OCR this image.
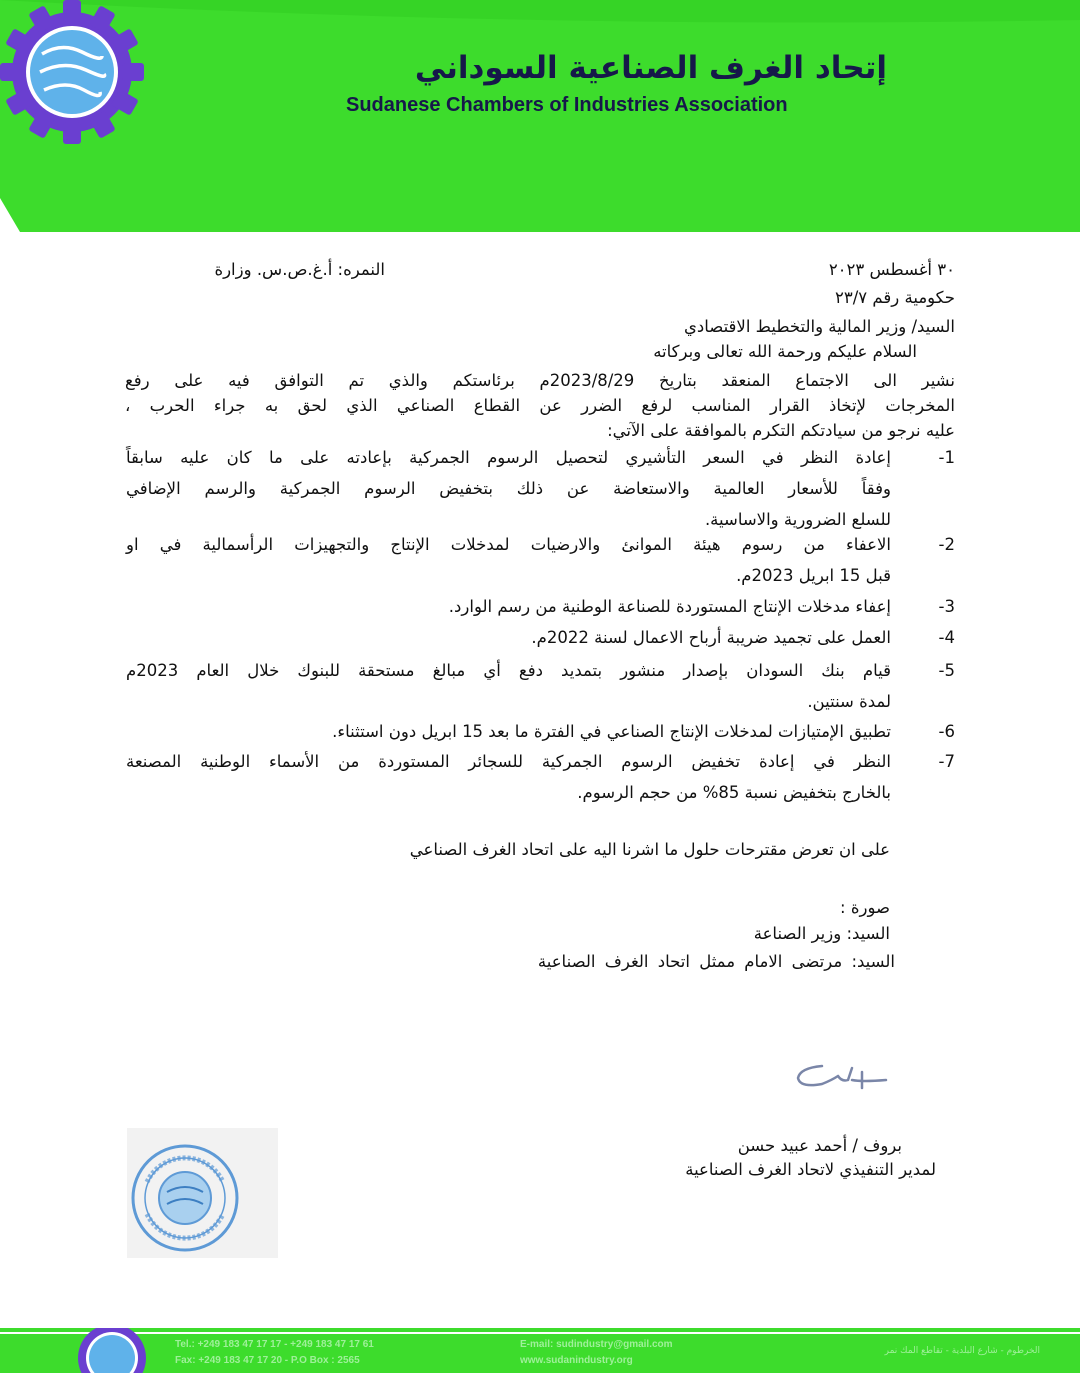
إتحاد الغرف الصناعية السوداني
Sudanese Chambers of Industries Association
٣٠ أغسطس ٢٠٢٣
حكومية رقم ٢٣/٧
النمره: أ.غ.ص.س. وزارة
السيد/ وزير المالية والتخطيط الاقتصادي
السلام عليكم ورحمة الله تعالى وبركاته
نشير الى الاجتماع المنعقد بتاريخ 2023/8/29م برئاستكم والذي تم التوافق فيه على رفع
المخرجات لإتخاذ القرار المناسب لرفع الضرر عن القطاع الصناعي الذي لحق به جراء الحرب ،
عليه نرجو من سيادتكم التكرم بالموافقة على الآتي:
-1
إعادة النظر في السعر التأشيري لتحصيل الرسوم الجمركية بإعادته على ما كان عليه سابقاً
وفقاً للأسعار العالمية والاستعاضة عن ذلك بتخفيض الرسوم الجمركية والرسم الإضافي
للسلع الضرورية والاساسية.
-2
الاعفاء من رسوم هيئة الموانئ والارضيات لمدخلات الإنتاج والتجهيزات الرأسمالية في او
قبل 15 ابريل 2023م.
-3
إعفاء مدخلات الإنتاج المستوردة للصناعة الوطنية من رسم الوارد.
-4
العمل على تجميد ضريبة أرباح الاعمال لسنة 2022م.
-5
قيام بنك السودان بإصدار منشور بتمديد دفع أي مبالغ مستحقة للبنوك خلال العام 2023م
لمدة سنتين.
-6
تطبيق الإمتيازات لمدخلات الإنتاج الصناعي في الفترة ما بعد 15 ابريل دون استثناء.
-7
النظر في إعادة تخفيض الرسوم الجمركية للسجائر المستوردة من الأسماء الوطنية المصنعة
بالخارج بتخفيض نسبة 85% من حجم الرسوم.
على ان تعرض مقترحات حلول ما اشرنا اليه على اتحاد الغرف الصناعي
صورة :
السيد: وزير الصناعة
السيد: مرتضى الامام ممثل اتحاد الغرف الصناعية
بروف / أحمد عبيد حسن
لمدير التنفيذي لاتحاد الغرف الصناعية
Tel.: +249 183 47 17 17 - +249 183 47 17 61
Fax: +249 183 47 17 20 - P.O Box : 2565
E-mail: sudindustry@gmail.com
www.sudanindustry.org
الخرطوم - شارع البلدية - تقاطع المك نمر
